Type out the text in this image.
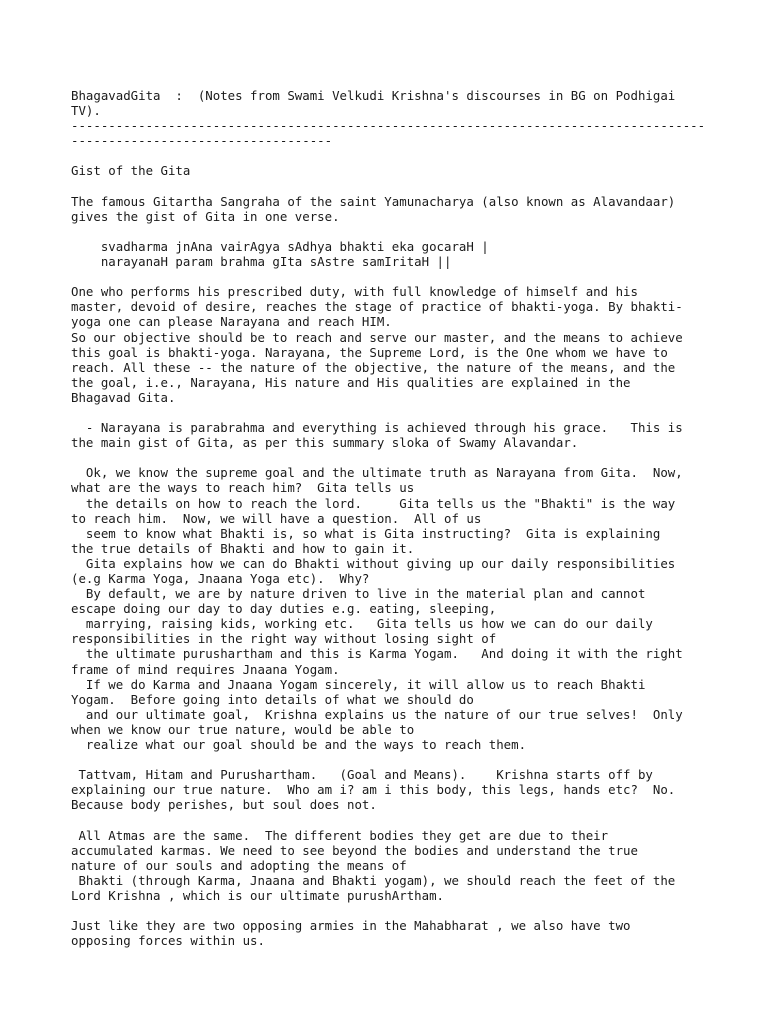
BhagavadGita  :  (Notes from Swami Velkudi Krishna's discourses in BG on Podhigai
TV).
-------------------------------------------------------------------------------------
-----------------------------------
Gist of the Gita
The famous Gitartha Sangraha of the saint Yamunacharya (also known as Alavandaar)
gives the gist of Gita in one verse.
svadharma jnAna vairAgya sAdhya bhakti eka gocaraH |
narayanaH param brahma gIta sAstre samIritaH ||
One who performs his prescribed duty, with full knowledge of himself and his
master, devoid of desire, reaches the stage of practice of bhakti-yoga. By bhakti-
yoga one can please Narayana and reach HIM.
So our objective should be to reach and serve our master, and the means to achieve
this goal is bhakti-yoga. Narayana, the Supreme Lord, is the One whom we have to
reach. All these -- the nature of the objective, the nature of the means, and the
the goal, i.e., Narayana, His nature and His qualities are explained in the
Bhagavad Gita.
- Narayana is parabrahma and everything is achieved through his grace.   This is
the main gist of Gita, as per this summary sloka of Swamy Alavandar.
Ok, we know the supreme goal and the ultimate truth as Narayana from Gita.  Now,
what are the ways to reach him?  Gita tells us
the details on how to reach the lord.     Gita tells us the "Bhakti" is the way
to reach him.  Now, we will have a question.  All of us
seem to know what Bhakti is, so what is Gita instructing?  Gita is explaining
the true details of Bhakti and how to gain it.
Gita explains how we can do Bhakti without giving up our daily responsibilities
(e.g Karma Yoga, Jnaana Yoga etc).  Why?
By default, we are by nature driven to live in the material plan and cannot
escape doing our day to day duties e.g. eating, sleeping,
marrying, raising kids, working etc.   Gita tells us how we can do our daily
responsibilities in the right way without losing sight of
the ultimate purushartham and this is Karma Yogam.   And doing it with the right
frame of mind requires Jnaana Yogam.
If we do Karma and Jnaana Yogam sincerely, it will allow us to reach Bhakti
Yogam.  Before going into details of what we should do
and our ultimate goal,  Krishna explains us the nature of our true selves!  Only
when we know our true nature, would be able to
realize what our goal should be and the ways to reach them.
Tattvam, Hitam and Purushartham.   (Goal and Means).    Krishna starts off by
explaining our true nature.  Who am i? am i this body, this legs, hands etc?  No.
Because body perishes, but soul does not.
All Atmas are the same.  The different bodies they get are due to their
accumulated karmas. We need to see beyond the bodies and understand the true
nature of our souls and adopting the means of
Bhakti (through Karma, Jnaana and Bhakti yogam), we should reach the feet of the
Lord Krishna , which is our ultimate purushArtham.
Just like they are two opposing armies in the Mahabharat , we also have two
opposing forces within us.
